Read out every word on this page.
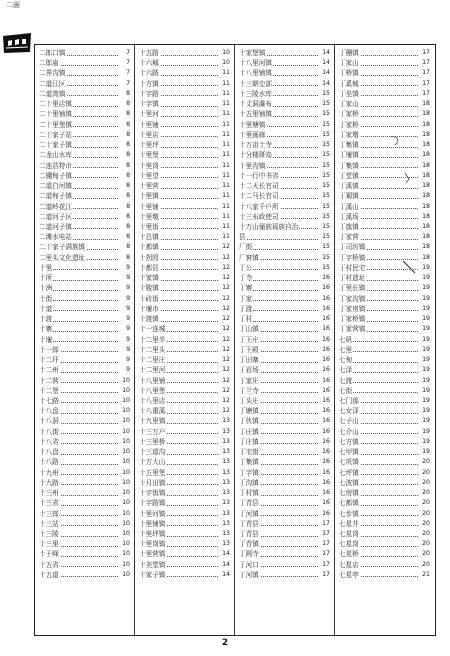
二画
二郎口镇	7
二郎庙	7
二界沟镇	7
二道江区	7
二道湾镇	8
二十里店镇	8
二十里铺镇	8
二十里堡镇	8
二十家子站	8
二十家子镇	8
二龙山水库	8
二连浩特市	8
二棚甸子镇	8
二道白河镇	8
二道甸子镇	8
二道岭花江	8
二道河子区	8
二道河子镇	8
二滩水电站	8
二十家子满族镇	8
二里头文化遗址	8
十里	9
十所	9
十洲	9
十街	9
十道	9
十渡	9
十寨	9
十堰	9
十一郎	9
十二圩	9
十二州	9
十二营	10
十二堡	10
十七路	10
十八盘	10
十八洞	10
十八街	10
十八省	10
十八盘	10
十八路	10
十九州	10
十九路	10
十三州	10
十三省	10
十三郎	10
十三站	10
十三陵	10
十三里	10
十王峰	10
十五省	10
十五道	10
十五路	10
十六城	10
十六路	11
十方镇	11
十字路	11
十字镇	11
十里河	11
十里铺	11
十里店	11
十里坪	11
十里堡	11
十里岗	11
十里望	11
十里营	11
十里镇	11
十里铺	11
十里墩	11
十里街	11
十总镇	11
十都镇	12
十拐园	12
十都县	12
十家镇	12
十陵镇	12
十砖街	12
十堰市	12
十渡镇	12
十一连城	12
十二里半	12
十二里头	12
十二里庄	12
十二里河	12
十八里铺	12
十八里堡	12
十八里店	12
十八重溪	12
十九里镇	13
十三万户	13
十三里桥	13
十三道沟	13
十万大山	13
十五里堡	13
十月田镇	13
十字街镇	13
十字路镇	13
十里河镇	13
十里铺镇	13
十里坪镇	13
十里岗镇	13
十里营镇	14
十美堂镇	14
十家子镇	14
十家堡镇	14
十八里河镇	14
十八里铺镇	14
十三朝史部	14
十三陵水库	15
十丈洞瀑布	15
十五里铺镇	15
十里塘镇	15
十里画廊	15
十万亩土寺	15
十分楼斑岛	15
十里沟镇	15
十一行中书省	15
十二天长官司	15
十二马长官司	15
十八家千户所	15
十三布政使司	15
十万山僮族瑶族自治	15
县	15
厂街	15
厂窖镇	15
丁公	15
丁寺	16
丁寨	16
丁家	16
丁渡	16
丁村	16
丁山镇	16
丁王庄	16
丁王殿	16
丁田寨	16
丁岩场	16
丁家庄	16
丁兰寺	16
丁头庄	16
丁塘镇	16
丁伙镇	16
丁庄镇	16
丁庄镇	16
丁宅街	16
丁集镇	16
丁字镇	16
丁沟镇	16
丁村镇	16
丁青县	16
丁河镇	16
丁青县	17
丁青县	17
丁青镇	17
丁圆寺	17
丁河口	17
丁河镇	17
丁栅镇	17
丁家山	17
丁桥镇	17
丁奚城	17
丁坐镇	17
丁家山	18
丁家桥	18
丁家桥	18
丁家墩	18
丁集镇	18
丁堰镇	18
丁集镇	18
丁堂镇	18
丁溪镇	18
丁蜀镇	18
丁溪山	18
丁溪场	18
丁旗镇	18
丁家营	18
丁司坊镇	18
丁字桥镇	18
丁村民宅	19
丁村遗址	19
丁里长镇	19
丁家沟镇	19
丁家房镇	19
丁家桥镇	19
丁家营镇	19
七矾	19
七里	19
七甸	19
七泽	19
七渡	19
七街	19
七门那	19
七女泽	19
七子山	19
七介山	19
七方镇	19
七甲镇	19
七巩镇	20
七坪镇	20
七波镇	20
七房镇	20
七都镇	20
七步镇	20
七星井	20
七星岗	20
七星岗	20
七星桥	20
七星店	20
七星亭	21
2
